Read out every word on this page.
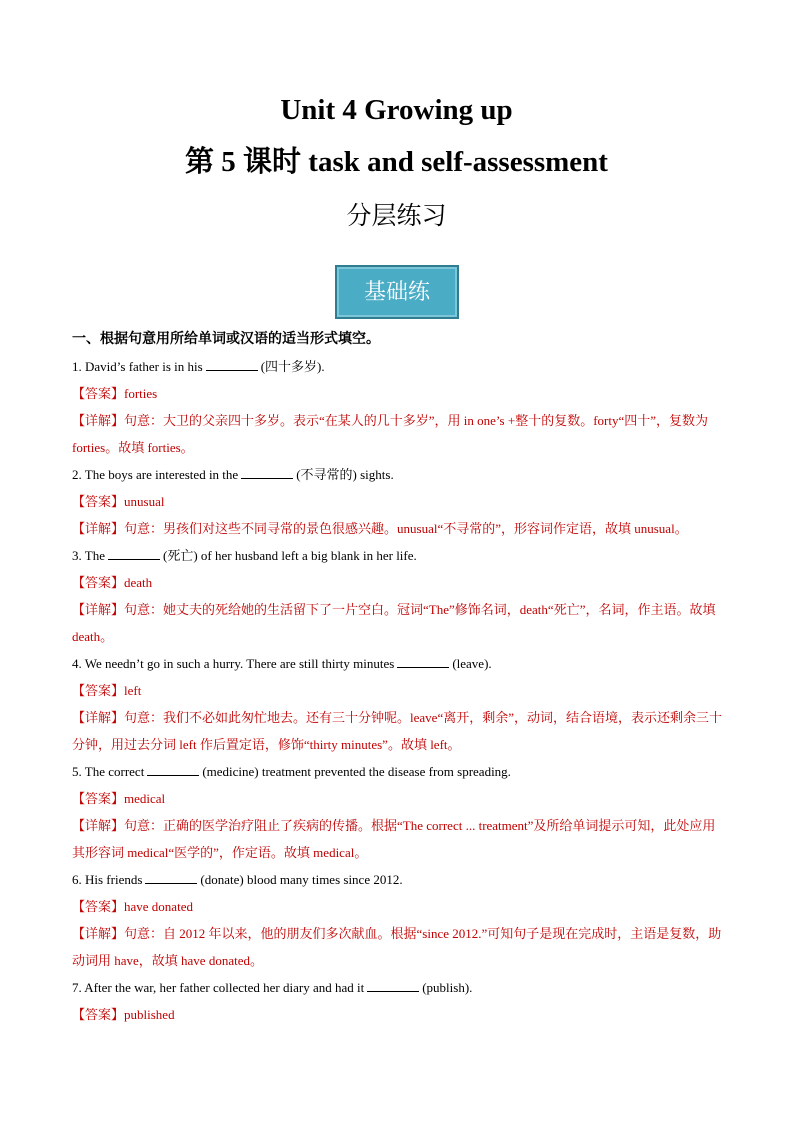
Unit 4 Growing up
第 5 课时 task and self-assessment
分层练习
基础练
一、根据句意用所给单词或汉语的适当形式填空。
1. David’s father is in his	(四十多岁).
【答案】forties
【详解】句意：大卫的父亲四十多岁。表示“在某人的几十多岁”，用 in one’s +整十的复数。forty“四十”，复数为 forties。故填 forties。
2. The boys are interested in the	(不寻常的) sights.
【答案】unusual
【详解】句意：男孩们对这些不同寻常的景色很感兴趣。unusual“不寻常的”，形容词作定语，故填 unusual。
3. The	(死亡) of her husband left a big blank in her life.
【答案】death
【详解】句意：她丈夫的死给她的生活留下了一片空白。冠词“The”修饰名词，death“死亡”，名词，作主语。故填 death。
4. We needn’t go in such a hurry. There are still thirty minutes	(leave).
【答案】left
【详解】句意：我们不必如此匆忙地去。还有三十分钟呢。leave“离开，剩余”，动词，结合语境，表示还剩余三十分钟，用过去分词 left 作后置定语，修饰“thirty minutes”。故填 left。
5. The correct	(medicine) treatment prevented the disease from spreading.
【答案】medical
【详解】句意：正确的医学治疗阻止了疾病的传播。根据“The correct ... treatment”及所给单词提示可知，此处应用其形容词 medical“医学的”，作定语。故填 medical。
6. His friends	(donate) blood many times since 2012.
【答案】have donated
【详解】句意：自 2012 年以来，他的朋友们多次献血。根据“since 2012.”可知句子是现在完成时，主语是复数，助动词用 have，故填 have donated。
7. After the war, her father collected her diary and had it	(publish).
【答案】published
